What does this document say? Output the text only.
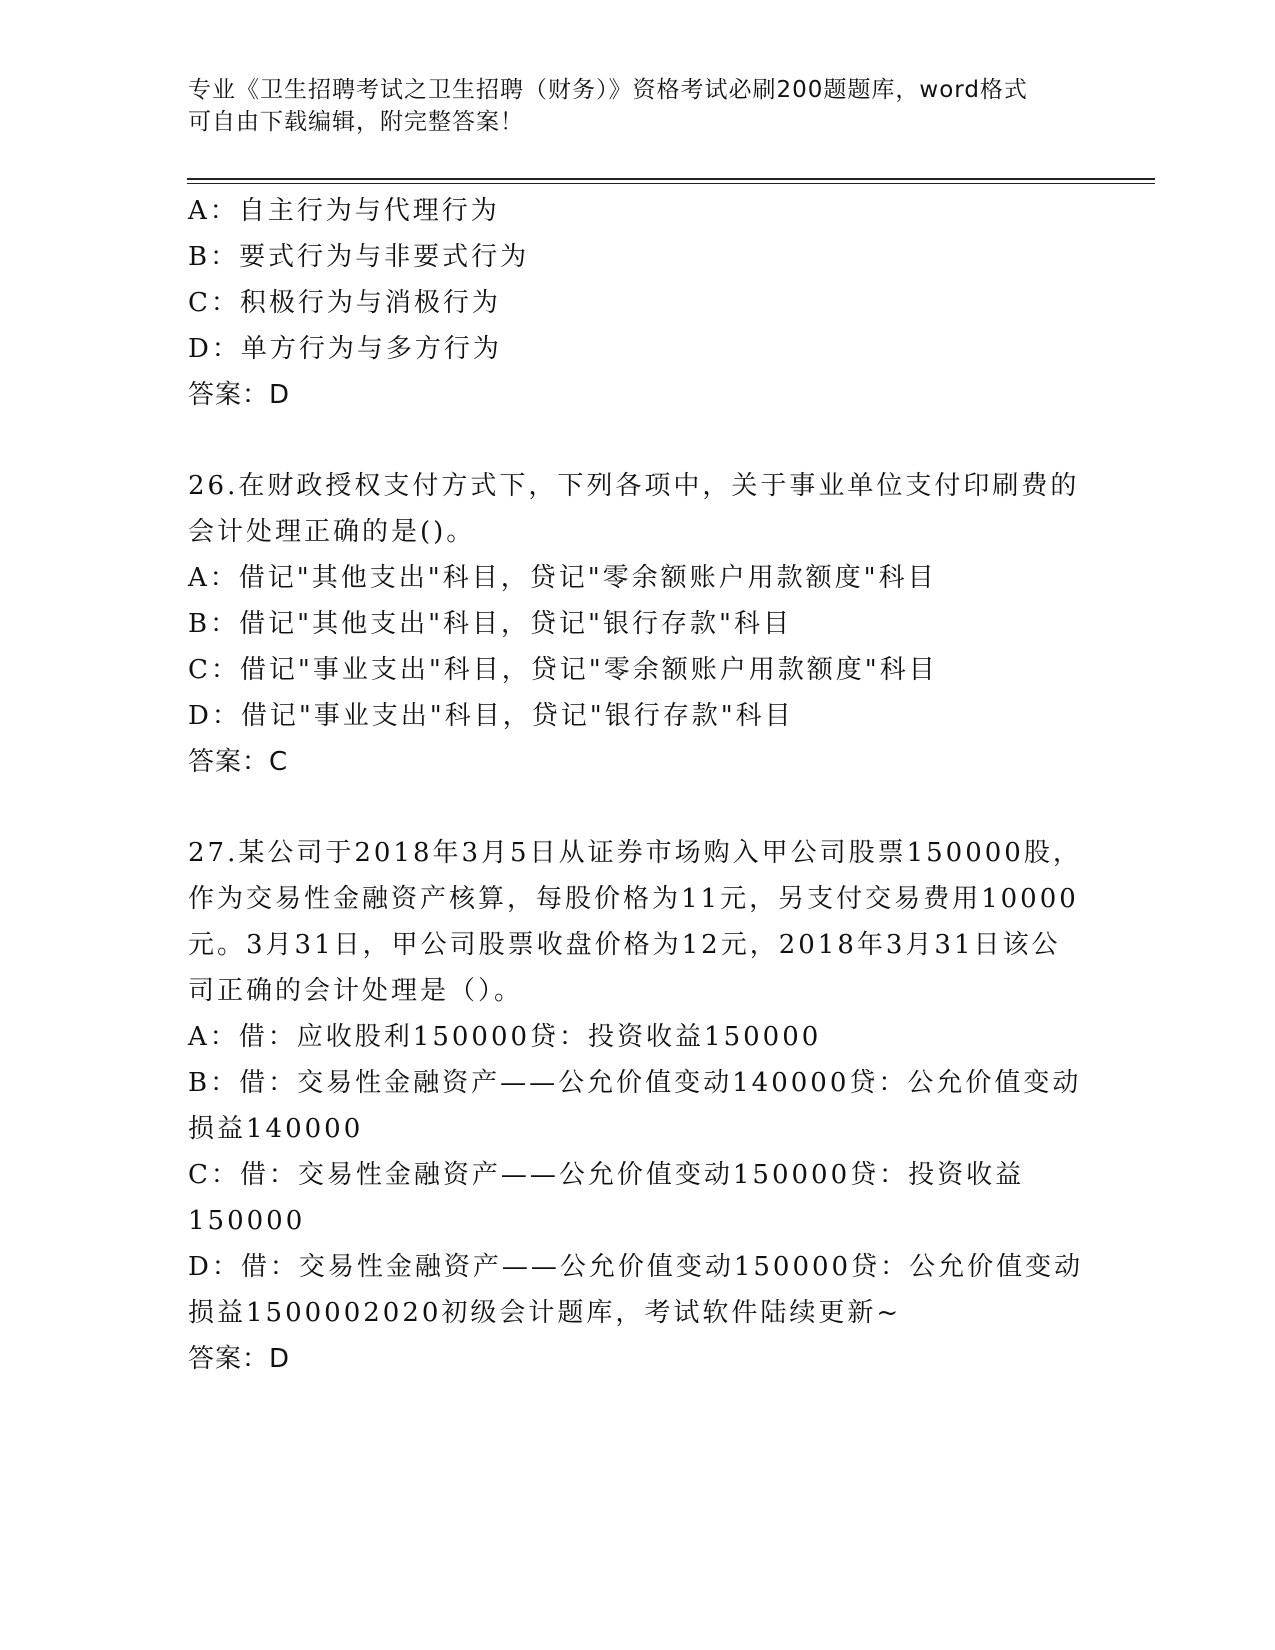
专业《卫生招聘考试之卫生招聘（财务）》资格考试必刷200题题库，word格式
可自由下载编辑，附完整答案！
A：自主行为与代理行为
B：要式行为与非要式行为
C：积极行为与消极行为
D：单方行为与多方行为
答案：D
26.在财政授权支付方式下，下列各项中，关于事业单位支付印刷费的
会计处理正确的是()。
A：借记"其他支出"科目，贷记"零余额账户用款额度"科目
B：借记"其他支出"科目，贷记"银行存款"科目
C：借记"事业支出"科目，贷记"零余额账户用款额度"科目
D：借记"事业支出"科目，贷记"银行存款"科目
答案：C
27.某公司于2018年3月5日从证券市场购入甲公司股票150000股，
作为交易性金融资产核算，每股价格为11元，另支付交易费用10000
元。3月31日，甲公司股票收盘价格为12元，2018年3月31日该公
司正确的会计处理是（）。
A：借：应收股利150000贷：投资收益150000
B：借：交易性金融资产——公允价值变动140000贷：公允价值变动
损益140000
C：借：交易性金融资产——公允价值变动150000贷：投资收益
150000
D：借：交易性金融资产——公允价值变动150000贷：公允价值变动
损益1500002020初级会计题库，考试软件陆续更新~
答案：D
